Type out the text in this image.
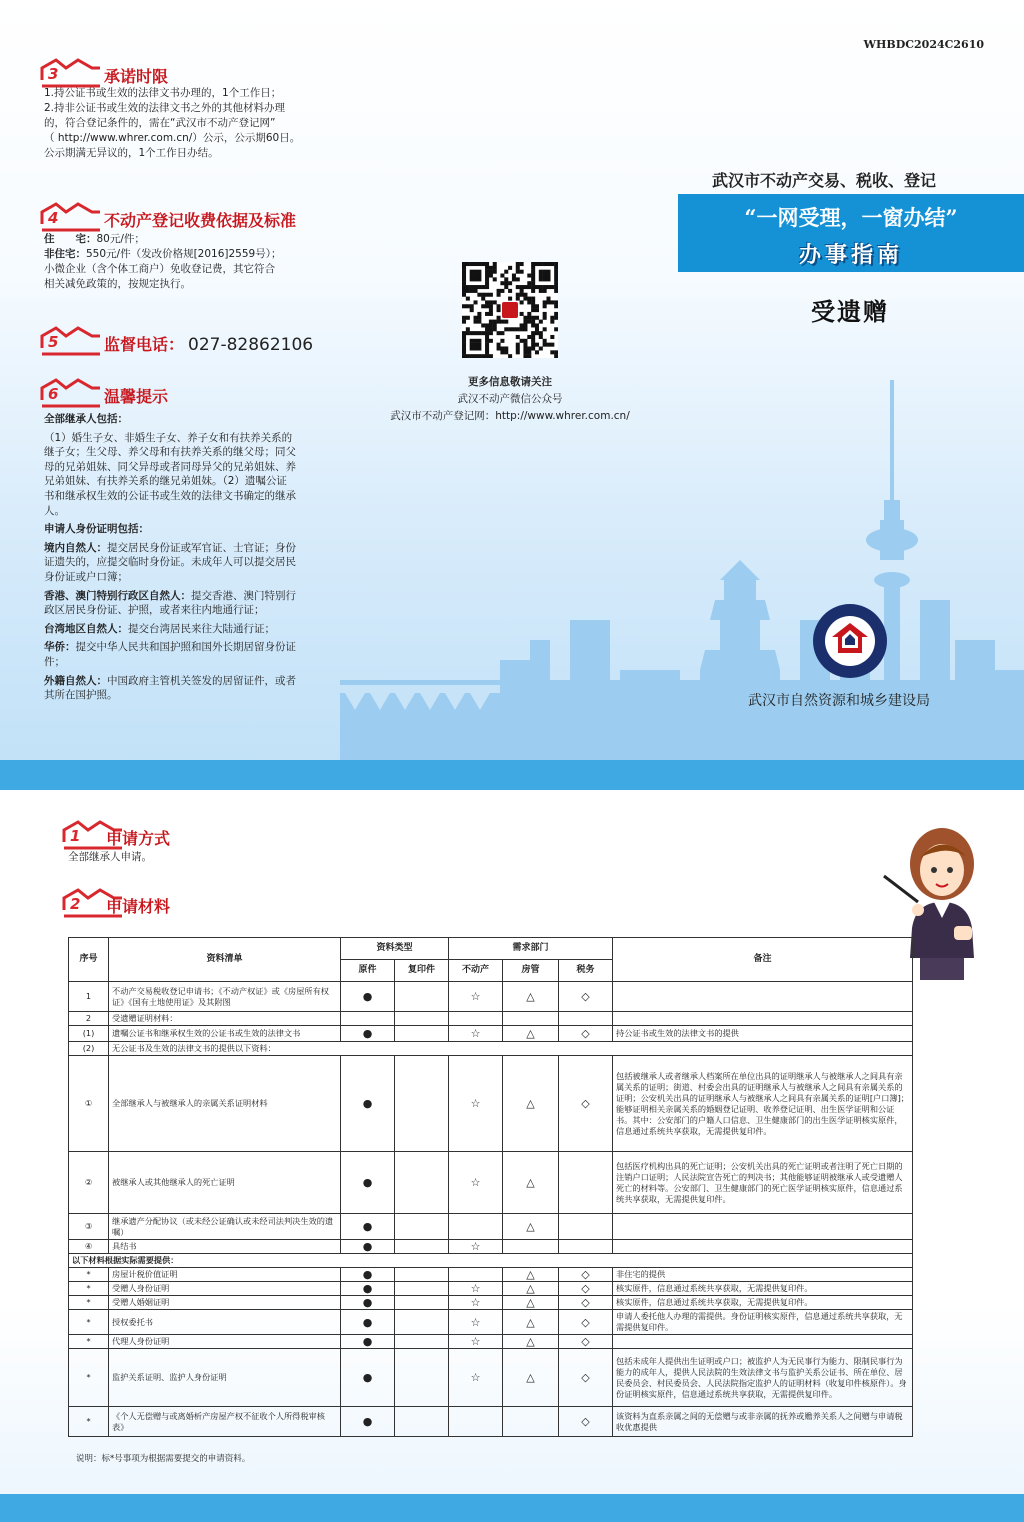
WHBDC2024C2610
3	承诺时限

1.持公证书或生效的法律文书办理的，1个工作日；

2.持非公证书或生效的法律文书之外的其他材料办理

的，符合登记条件的，需在“武汉市不动产登记网”

（ http://www.whrer.com.cn/）公示，公示期60日。

公示期满无异议的，1个工作日办结。

4	不动产登记收费依据及标准

住　　宅：80元/件；

非住宅：550元/件（发改价格规[2016]2559号）；

小微企业（含个体工商户）免收登记费，其它符合

相关减免政策的，按规定执行。

5	监督电话： 027-82862106
6	温馨提示

全部继承人包括：

（1）婚生子女、非婚生子女、养子女和有扶养关系的

继子女；生父母、养父母和有扶养关系的继父母；同父

母的兄弟姐妹、同父异母或者同母异父的兄弟姐妹、养

兄弟姐妹、有扶养关系的继兄弟姐妹。（2）遗嘱公证

书和继承权生效的公证书或生效的法律文书确定的继承

人。

申请人身份证明包括：

境内自然人：提交居民身份证或军官证、士官证；身份

证遗失的，应提交临时身份证。未成年人可以提交居民

身份证或户口簿；

香港、澳门特别行政区自然人：提交香港、澳门特别行

政区居民身份证、护照，或者来往内地通行证；

台湾地区自然人：提交台湾居民来往大陆通行证；

华侨：提交中华人民共和国护照和国外长期居留身份证

件；

外籍自然人：中国政府主管机关签发的居留证件，或者

其所在国护照。

更多信息敬请关注

武汉不动产微信公众号

武汉市不动产登记网：http://www.whrer.com.cn/

武汉市不动产交易、税收、登记
“一网受理，一窗办结”
办事指南
受遗赠
武汉市自然资源和城乡建设局
1 申请方式
全部继承人申请。
2 申请材料
序号	资料清单	资料类型		需求部门			备注
		原件	复印件	不动产	房管	税务	
1	不动产交易税收登记申请书；《不动产权证》或《房屋所有权证》《国有土地使用证》及其附图	●		☆	△	◇	
2	受遗赠证明材料：						
(1)	遗嘱公证书和继承权生效的公证书或生效的法律文书	●		☆	△	◇	持公证书或生效的法律文书的提供
(2)	无公证书及生效的法律文书的提供以下资料：						
①	全部继承人与被继承人的亲属关系证明材料	●		☆	△	◇	包括被继承人或者继承人档案所在单位出具的证明继承人与被继承人之间具有亲属关系的证明；街道、村委会出具的证明继承人与被继承人之间具有亲属关系的证明；公安机关出具的证明继承人与被继承人之间具有亲属关系的证明[户口簿]；能够证明相关亲属关系的婚姻登记证明、收养登记证明、出生医学证明和公证书。其中：公安部门的户籍人口信息、卫生健康部门的出生医学证明核实原件，信息通过系统共享获取，无需提供复印件。
②	被继承人或其他继承人的死亡证明	●		☆	△		包括医疗机构出具的死亡证明；公安机关出具的死亡证明或者注明了死亡日期的注销户口证明；人民法院宣告死亡的判决书；其他能够证明被继承人或受遗赠人死亡的材料等。公安部门、卫生健康部门的死亡医学证明核实原件，信息通过系统共享获取，无需提供复印件。
③	继承遗产分配协议（或未经公证确认或未经司法判决生效的遗嘱）	●			△		
④	具结书	●		☆			
以下材料根据实际需要提供：							
*	房屋计税价值证明	●			△	◇	非住宅的提供
*	受赠人身份证明	●		☆	△	◇	核实原件，信息通过系统共享获取，无需提供复印件。
*	受赠人婚姻证明	●		☆	△	◇	核实原件，信息通过系统共享获取，无需提供复印件。
*	授权委托书	●		☆	△	◇	申请人委托他人办理的需提供。身份证明核实原件，信息通过系统共享获取，无需提供复印件。
*	代理人身份证明	●		☆	△	◇	
*	监护关系证明、监护人身份证明	●		☆	△	◇	包括未成年人提供出生证明或户口；被监护人为无民事行为能力、限制民事行为能力的成年人，提供人民法院的生效法律文书与监护关系公证书、所在单位、居民委员会、村民委员会、人民法院指定监护人的证明材料（收复印件核原件）。身份证明核实原件，信息通过系统共享获取，无需提供复印件。
*	《个人无偿赠与或离婚析产房屋产权不征收个人所得税审核表》	●				◇	该资料为直系亲属之间的无偿赠与或非亲属的抚养或赡养关系人之间赠与申请税收优惠提供
说明：标*号事项为根据需要提交的申请资料。
